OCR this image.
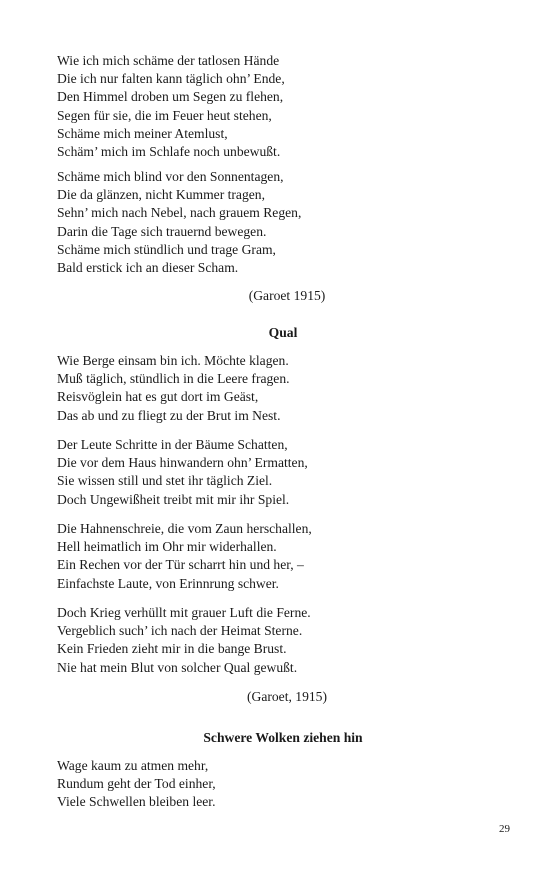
Wie ich mich schäme der tatlosen Hände
Die ich nur falten kann täglich ohn’ Ende,
Den Himmel droben um Segen zu flehen,
Segen für sie, die im Feuer heut stehen,
Schäme mich meiner Atemlust,
Schäm’ mich im Schlafe noch unbewußt.
Schäme mich blind vor den Sonnentagen,
Die da glänzen, nicht Kummer tragen,
Sehn’ mich nach Nebel, nach grauem Regen,
Darin die Tage sich trauernd bewegen.
Schäme mich stündlich und trage Gram,
Bald erstick ich an dieser Scham.
(Garoet 1915)
Qual
Wie Berge einsam bin ich. Möchte klagen.
Muß täglich, stündlich in die Leere fragen.
Reisvöglein hat es gut dort im Geäst,
Das ab und zu fliegt zu der Brut im Nest.
Der Leute Schritte in der Bäume Schatten,
Die vor dem Haus hinwandern ohn’ Ermatten,
Sie wissen still und stet ihr täglich Ziel.
Doch Ungewißheit treibt mit mir ihr Spiel.
Die Hahnenschreie, die vom Zaun herschallen,
Hell heimatlich im Ohr mir widerhallen.
Ein Rechen vor der Tür scharrt hin und her, –
Einfachste Laute, von Erinnrung schwer.
Doch Krieg verhüllt mit grauer Luft die Ferne.
Vergeblich such’ ich nach der Heimat Sterne.
Kein Frieden zieht mir in die bange Brust.
Nie hat mein Blut von solcher Qual gewußt.
(Garoet, 1915)
Schwere Wolken ziehen hin
Wage kaum zu atmen mehr,
Rundum geht der Tod einher,
Viele Schwellen bleiben leer.
29
